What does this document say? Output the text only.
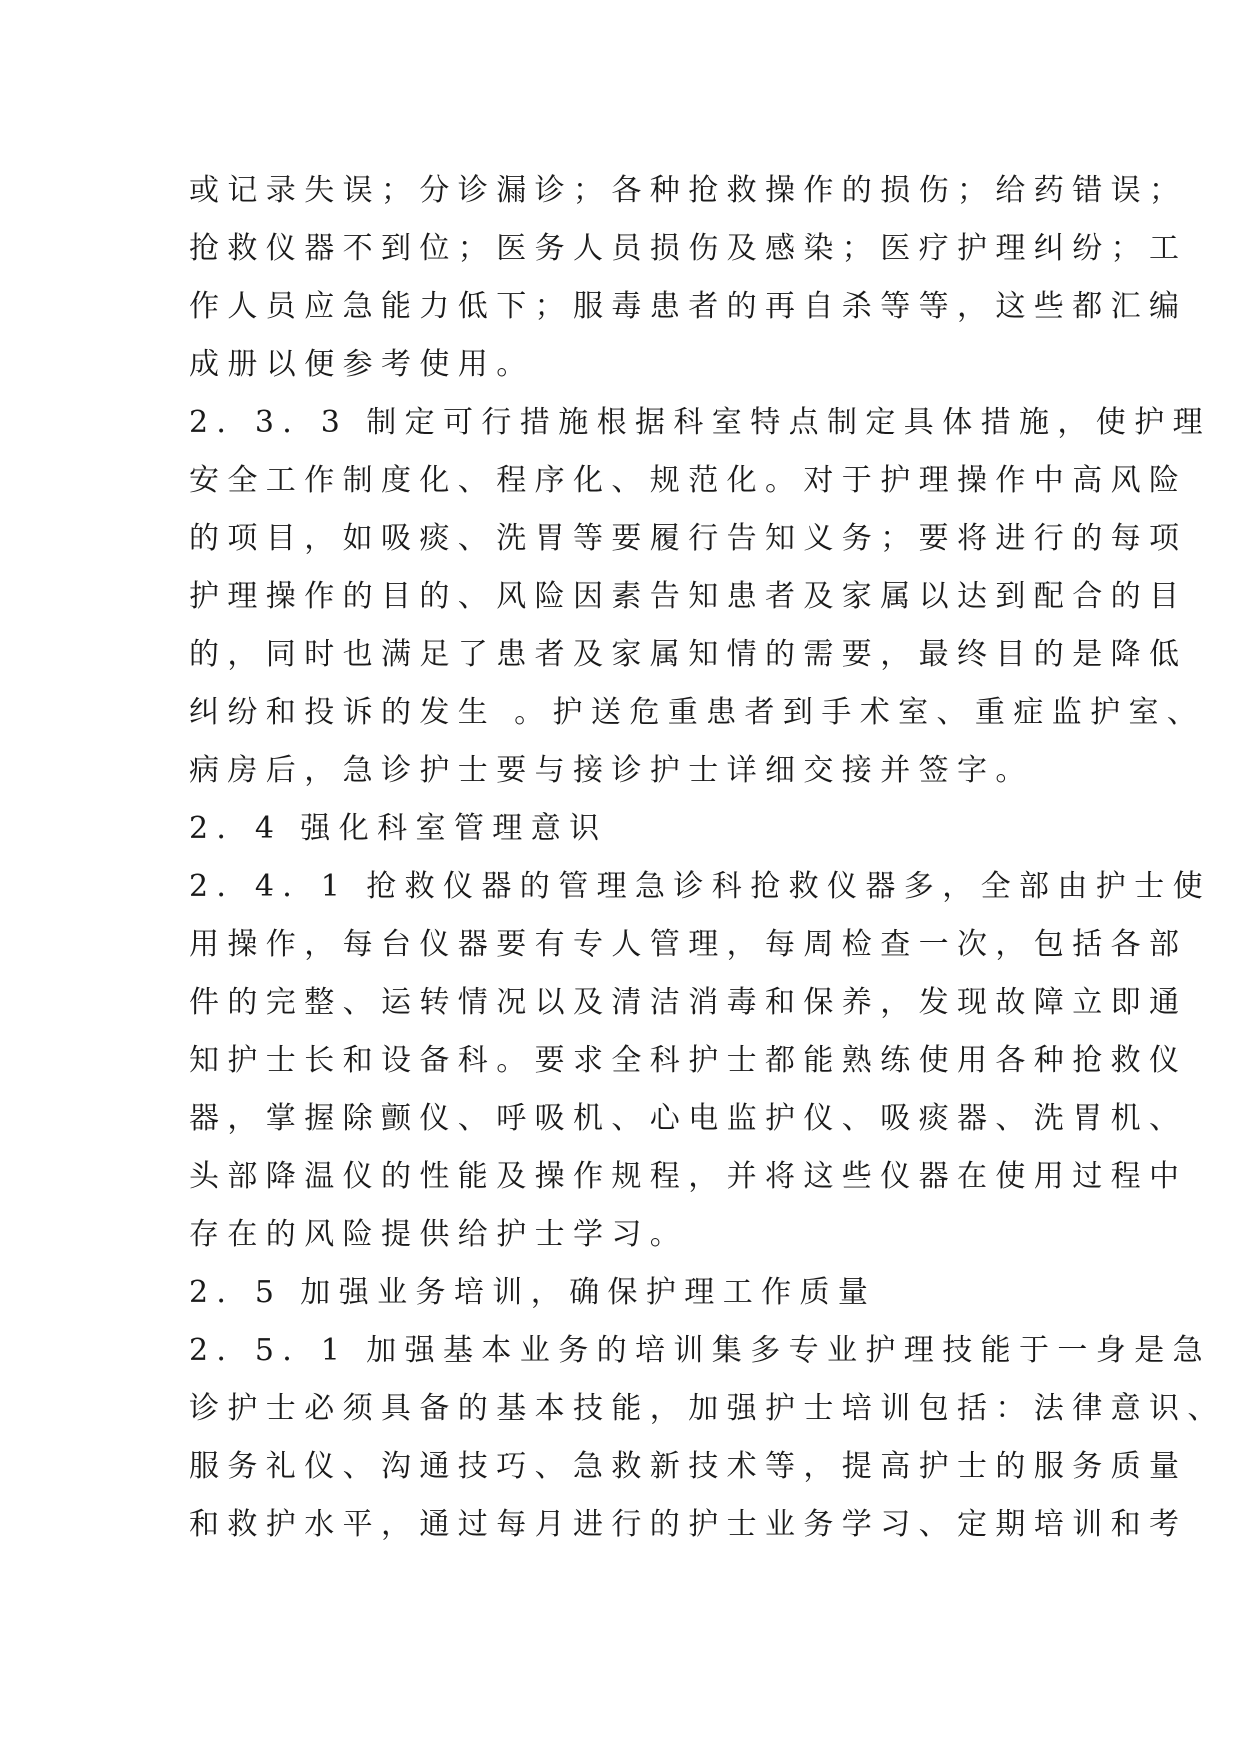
或记录失误；分诊漏诊；各种抢救操作的损伤；给药错误；
抢救仪器不到位；医务人员损伤及感染；医疗护理纠纷；工
作人员应急能力低下；服毒患者的再自杀等等，这些都汇编
成册以便参考使用。
2．3．3 制定可行措施根据科室特点制定具体措施，使护理
安全工作制度化、程序化、规范化。对于护理操作中高风险
的项目，如吸痰、洗胃等要履行告知义务；要将进行的每项
护理操作的目的、风险因素告知患者及家属以达到配合的目
的，同时也满足了患者及家属知情的需要，最终目的是降低
纠纷和投诉的发生 。护送危重患者到手术室、重症监护室、
病房后，急诊护士要与接诊护士详细交接并签字。
2．4 强化科室管理意识
2．4．1 抢救仪器的管理急诊科抢救仪器多，全部由护士使
用操作，每台仪器要有专人管理，每周检查一次，包括各部
件的完整、运转情况以及清洁消毒和保养，发现故障立即通
知护士长和设备科。要求全科护士都能熟练使用各种抢救仪
器，掌握除颤仪、呼吸机、心电监护仪、吸痰器、洗胃机、
头部降温仪的性能及操作规程，并将这些仪器在使用过程中
存在的风险提供给护士学习。
2．5 加强业务培训，确保护理工作质量
2．5．1 加强基本业务的培训集多专业护理技能于一身是急
诊护士必须具备的基本技能，加强护士培训包括：法律意识、
服务礼仪、沟通技巧、急救新技术等，提高护士的服务质量
和救护水平，通过每月进行的护士业务学习、定期培训和考
